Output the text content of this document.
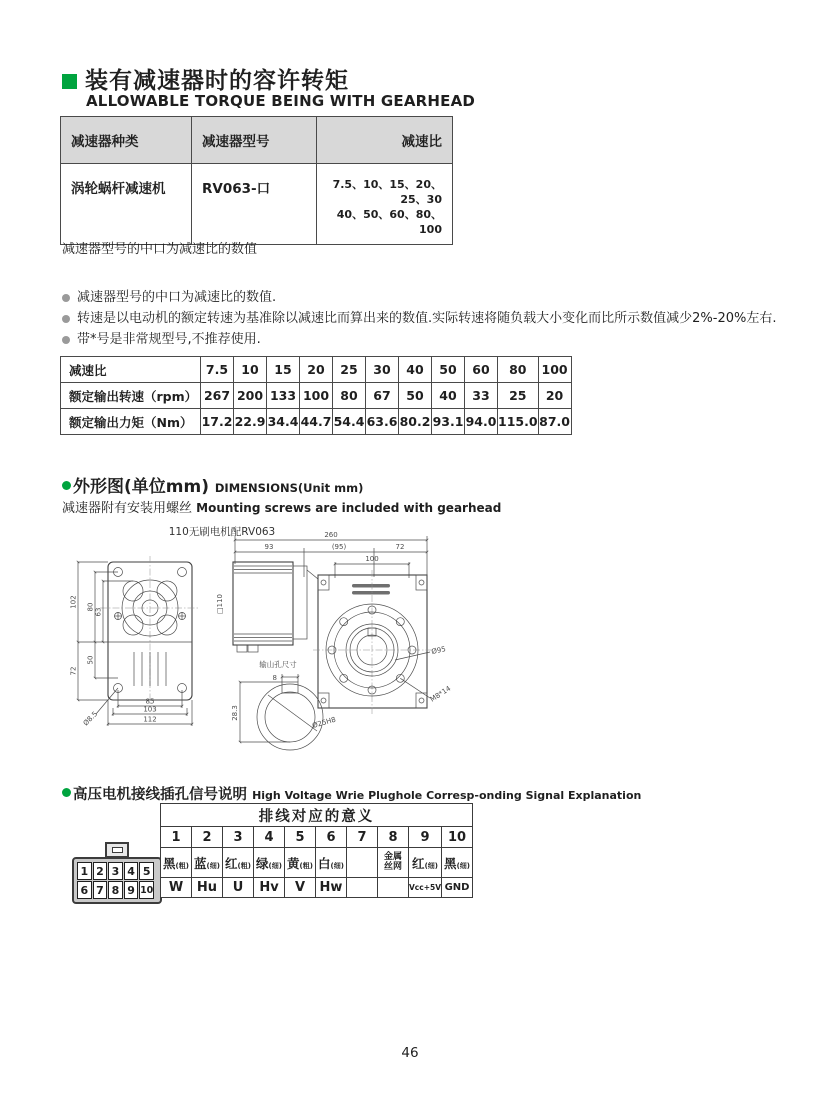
装有减速器时的容许转矩
ALLOWABLE TORQUE BEING WITH GEARHEAD
减速器种类	减速器型号	减速比
涡轮蜗杆减速机	RV063-口	7.5、10、15、20、25、30
40、50、60、80、100
减速器型号的中口为减速比的数值
减速器型号的中口为减速比的数值.
转速是以电动机的额定转速为基准除以减速比而算出来的数值.实际转速将随负载大小变化而比所示数值减少2%-20%左右.
带*号是非常规型号,不推荐使用.
减速比	7.5	10	15	20	25	30	40	50	60	80	100
额定输出转速（rpm）	267	200	133	100	80	67	50	40	33	25	20
额定输出力矩（Nm）	17.2	22.9	34.4	44.7	54.4	63.6	80.2	93.1	94.0	115.0	87.0
外形图(单位mm) DIMENSIONS(Unit mm)
减速器附有安装用螺丝 Mounting screws are included with gearhead
110无刷电机配RV063	260
93	(95)	72
100
102
72
80
50
63
85
103
112
Ø8.5
□110
Ø95
M8*14
输山孔尺寸
8
28.3
Ø25H8
高压电机接线插孔信号说明 High Voltage Wrie Plughole Corresp-onding Signal Explanation
1 2 3 4 5
6 7 8 9 10
排线对应的意义									
1	2	3	4	5	6	7	8	9	10
黑(粗)	蓝(细)	红(粗)	绿(细)	黄(粗)	白(细)		金属丝网	红(细)	黑(细)
W	Hu	U	Hv	V	Hw			Vcc+5V	GND
46
